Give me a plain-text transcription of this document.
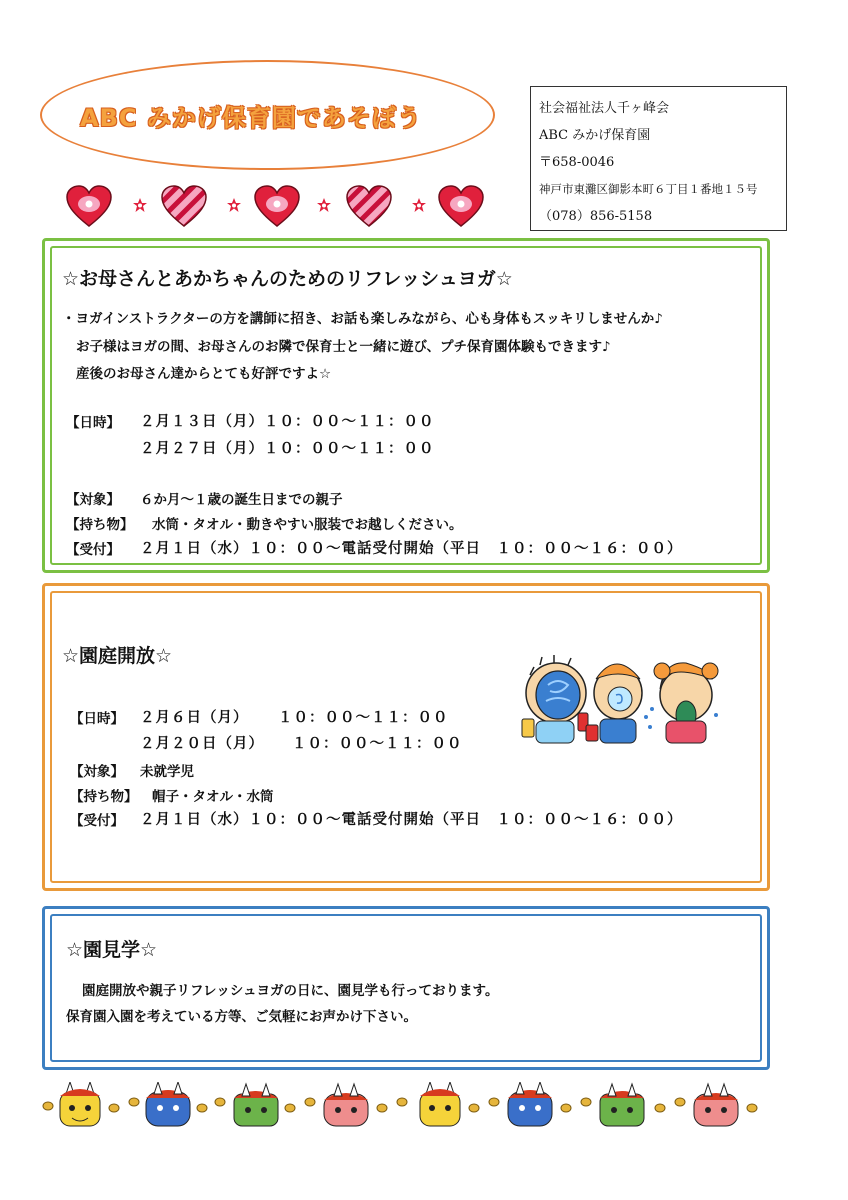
ABC みかげ保育園であそぼう	社会福祉法人千ヶ峰会
ABC みかげ保育園
〒658-0046
神戸市東灘区御影本町６丁目１番地１５号
（078）856-5158
☆お母さんとあかちゃんのためのリフレッシュヨガ☆
・ヨガインストラクターの方を講師に招き、お話も楽しみながら、心も身体もスッキリしませんか♪
お子様はヨガの間、お母さんのお隣で保育士と一緒に遊び、プチ保育園体験もできます♪
産後のお母さん達からとても好評ですよ☆
【日時】 ２月１３日（月）１０：００～１１：００
２月２７日（月）１０：００～１１：００
【対象】 ６か月～１歳の誕生日までの親子
【持ち物】 水筒・タオル・動きやすい服装でお越しください。
【受付】 ２月１日（水）１０：００～電話受付開始（平日　１０：００～１６：００）
☆園庭開放☆
【日時】 ２月６日（月） １０：００～１１：００
２月２０日（月） １０：００～１１：００
【対象】 未就学児
【持ち物】 帽子・タオル・水筒
【受付】 ２月１日（水）１０：００～電話受付開始（平日　１０：００～１６：００）
☆園見学☆
園庭開放や親子リフレッシュヨガの日に、園見学も行っております。
保育園入園を考えている方等、ご気軽にお声かけ下さい。
